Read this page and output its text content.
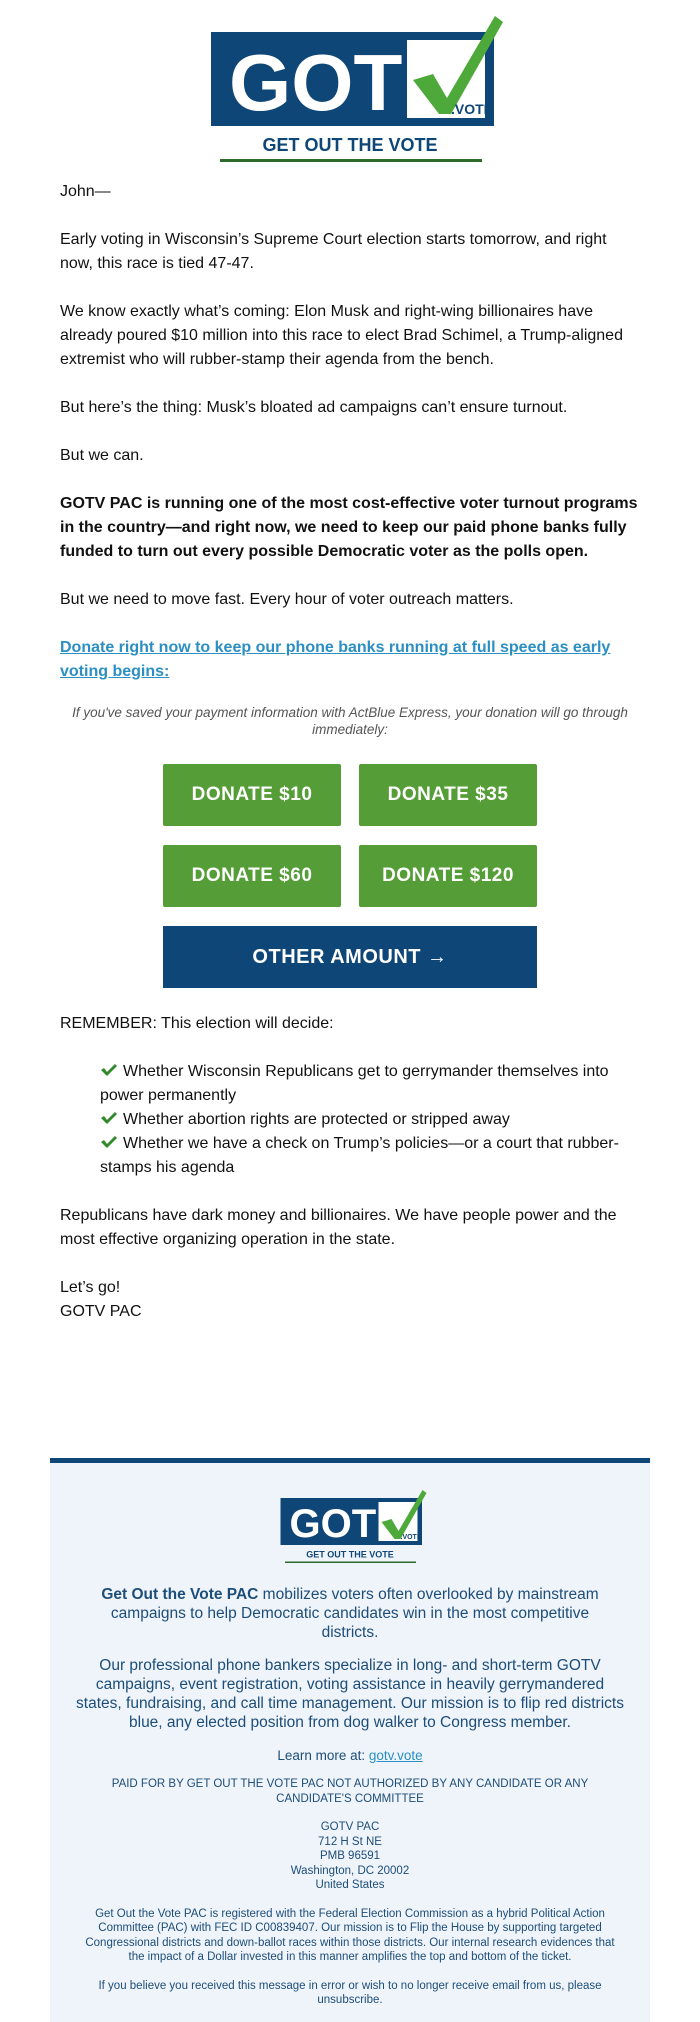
GOT	.VOTE
GET OUT THE VOTE

John—

Early voting in Wisconsin’s Supreme Court election starts tomorrow, and right now, this race is tied 47-47.

We know exactly what’s coming: Elon Musk and right-wing billionaires have already poured $10 million into this race to elect Brad Schimel, a Trump-aligned extremist who will rubber-stamp their agenda from the bench.

But here’s the thing: Musk’s bloated ad campaigns can’t ensure turnout.

But we can.

GOTV PAC is running one of the most cost-effective voter turnout programs in the country—and right now, we need to keep our paid phone banks fully funded to turn out every possible Democratic voter as the polls open.

But we need to move fast. Every hour of voter outreach matters.

Donate right now to keep our phone banks running at full speed as early voting begins:

If you've saved your payment information with ActBlue Express, your donation will go through immediately:

DONATE $10	DONATE $35
DONATE $60	DONATE $120
OTHER AMOUNT →

REMEMBER: This election will decide:

Whether Wisconsin Republicans get to gerrymander themselves into power permanently
Whether abortion rights are protected or stripped away
Whether we have a check on Trump’s policies—or a court that rubber-stamps his agenda

Republicans have dark money and billionaires. We have people power and the most effective organizing operation in the state.

Let’s go!
GOTV PAC
GOT .VOTE
GET OUT THE VOTE

Get Out the Vote PAC mobilizes voters often overlooked by mainstream campaigns to help Democratic candidates win in the most competitive districts.

Our professional phone bankers specialize in long- and short-term GOTV campaigns, event registration, voting assistance in heavily gerrymandered states, fundraising, and call time management. Our mission is to flip red districts blue, any elected position from dog walker to Congress member.

Learn more at: gotv.vote

PAID FOR BY GET OUT THE VOTE PAC NOT AUTHORIZED BY ANY CANDIDATE OR ANY CANDIDATE'S COMMITTEE

GOTV PAC
712 H St NE
PMB 96591
Washington, DC 20002
United States

Get Out the Vote PAC is registered with the Federal Election Commission as a hybrid Political Action Committee (PAC) with FEC ID C00839407. Our mission is to Flip the House by supporting targeted Congressional districts and down-ballot races within those districts. Our internal research evidences that the impact of a Dollar invested in this manner amplifies the top and bottom of the ticket.

If you believe you received this message in error or wish to no longer receive email from us, please unsubscribe.
